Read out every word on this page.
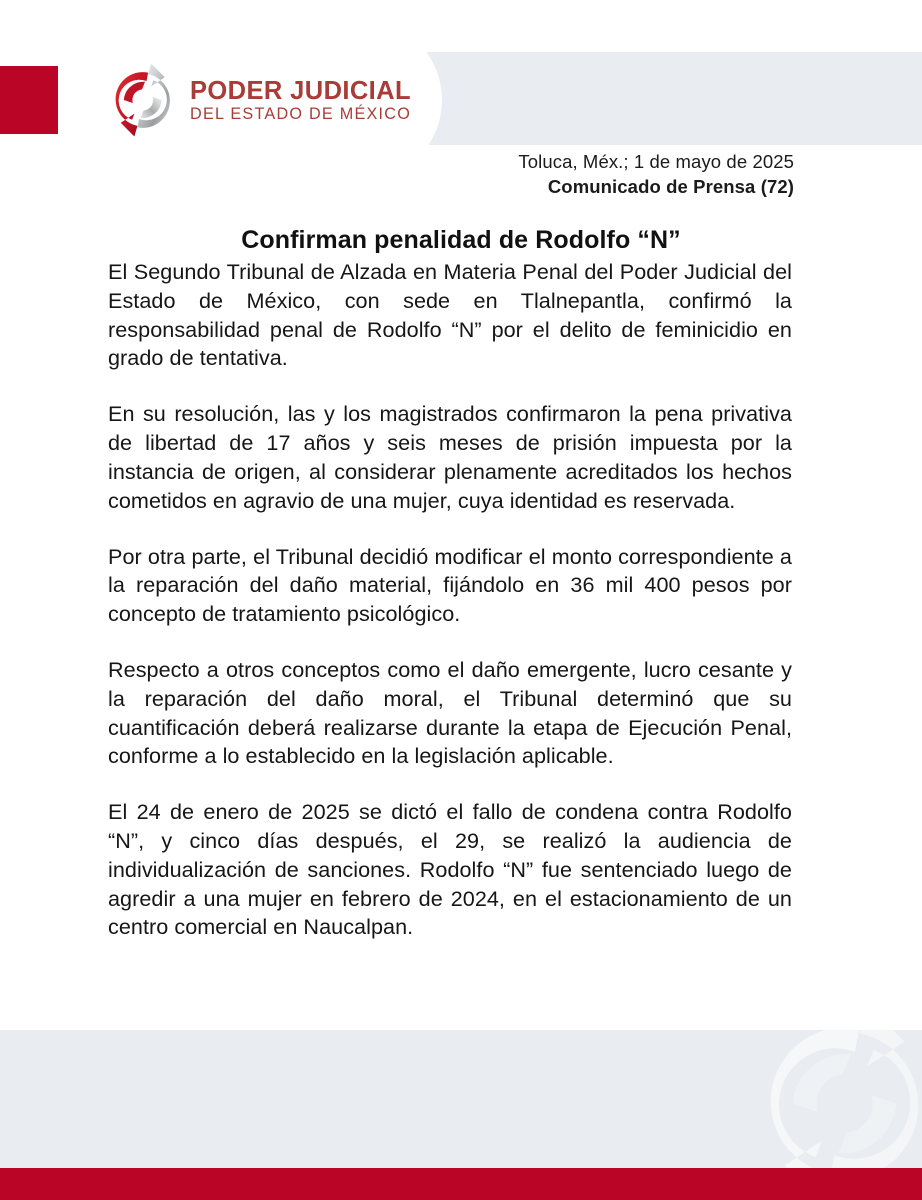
PODER JUDICIAL
DEL ESTADO DE MÉXICO
Toluca, Méx.; 1 de mayo de 2025
Comunicado de Prensa (72)
Confirman penalidad de Rodolfo “N”

El Segundo Tribunal de Alzada en Materia Penal del Poder Judicial del Estado de México, con sede en Tlalnepantla, confirmó la responsabilidad penal de Rodolfo “N” por el delito de feminicidio en grado de tentativa.

En su resolución, las y los magistrados confirmaron la pena privativa de libertad de 17 años y seis meses de prisión impuesta por la instancia de origen, al considerar plenamente acreditados los hechos cometidos en agravio de una mujer, cuya identidad es reservada.

Por otra parte, el Tribunal decidió modificar el monto correspondiente a la reparación del daño material, fijándolo en 36 mil 400 pesos por concepto de tratamiento psicológico.

Respecto a otros conceptos como el daño emergente, lucro cesante y la reparación del daño moral, el Tribunal determinó que su cuantificación deberá realizarse durante la etapa de Ejecución Penal, conforme a lo establecido en la legislación aplicable.

El 24 de enero de 2025 se dictó el fallo de condena contra Rodolfo “N”, y cinco días después, el 29, se realizó la audiencia de individualización de sanciones. Rodolfo “N” fue sentenciado luego de agredir a una mujer en febrero de 2024, en el estacionamiento de un centro comercial en Naucalpan.
